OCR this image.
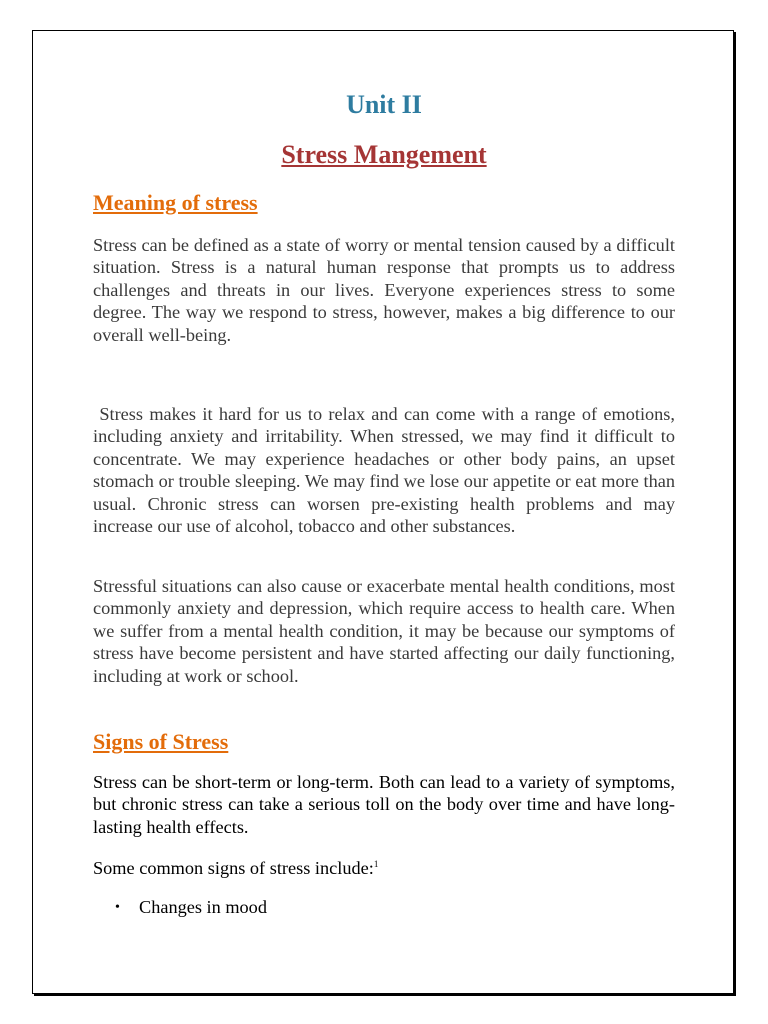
Unit II
Stress Mangement
Meaning of stress

Stress can be defined as a state of worry or mental tension caused by a difficult situation. Stress is a natural human response that prompts us to address challenges and threats in our lives. Everyone experiences stress to some degree. The way we respond to stress, however, makes a big difference to our overall well-being.

Stress makes it hard for us to relax and can come with a range of emotions, including anxiety and irritability. When stressed, we may find it difficult to concentrate. We may experience headaches or other body pains, an upset stomach or trouble sleeping. We may find we lose our appetite or eat more than usual. Chronic stress can worsen pre-existing health problems and may increase our use of alcohol, tobacco and other substances.

Stressful situations can also cause or exacerbate mental health conditions, most commonly anxiety and depression, which require access to health care. When we suffer from a mental health condition, it may be because our symptoms of stress have become persistent and have started affecting our daily functioning, including at work or school.

Signs of Stress

Stress can be short-term or long-term. Both can lead to a variety of symptoms, but chronic stress can take a serious toll on the body over time and have long-lasting health effects.

Some common signs of stress include:$^1$

• Changes in mood
